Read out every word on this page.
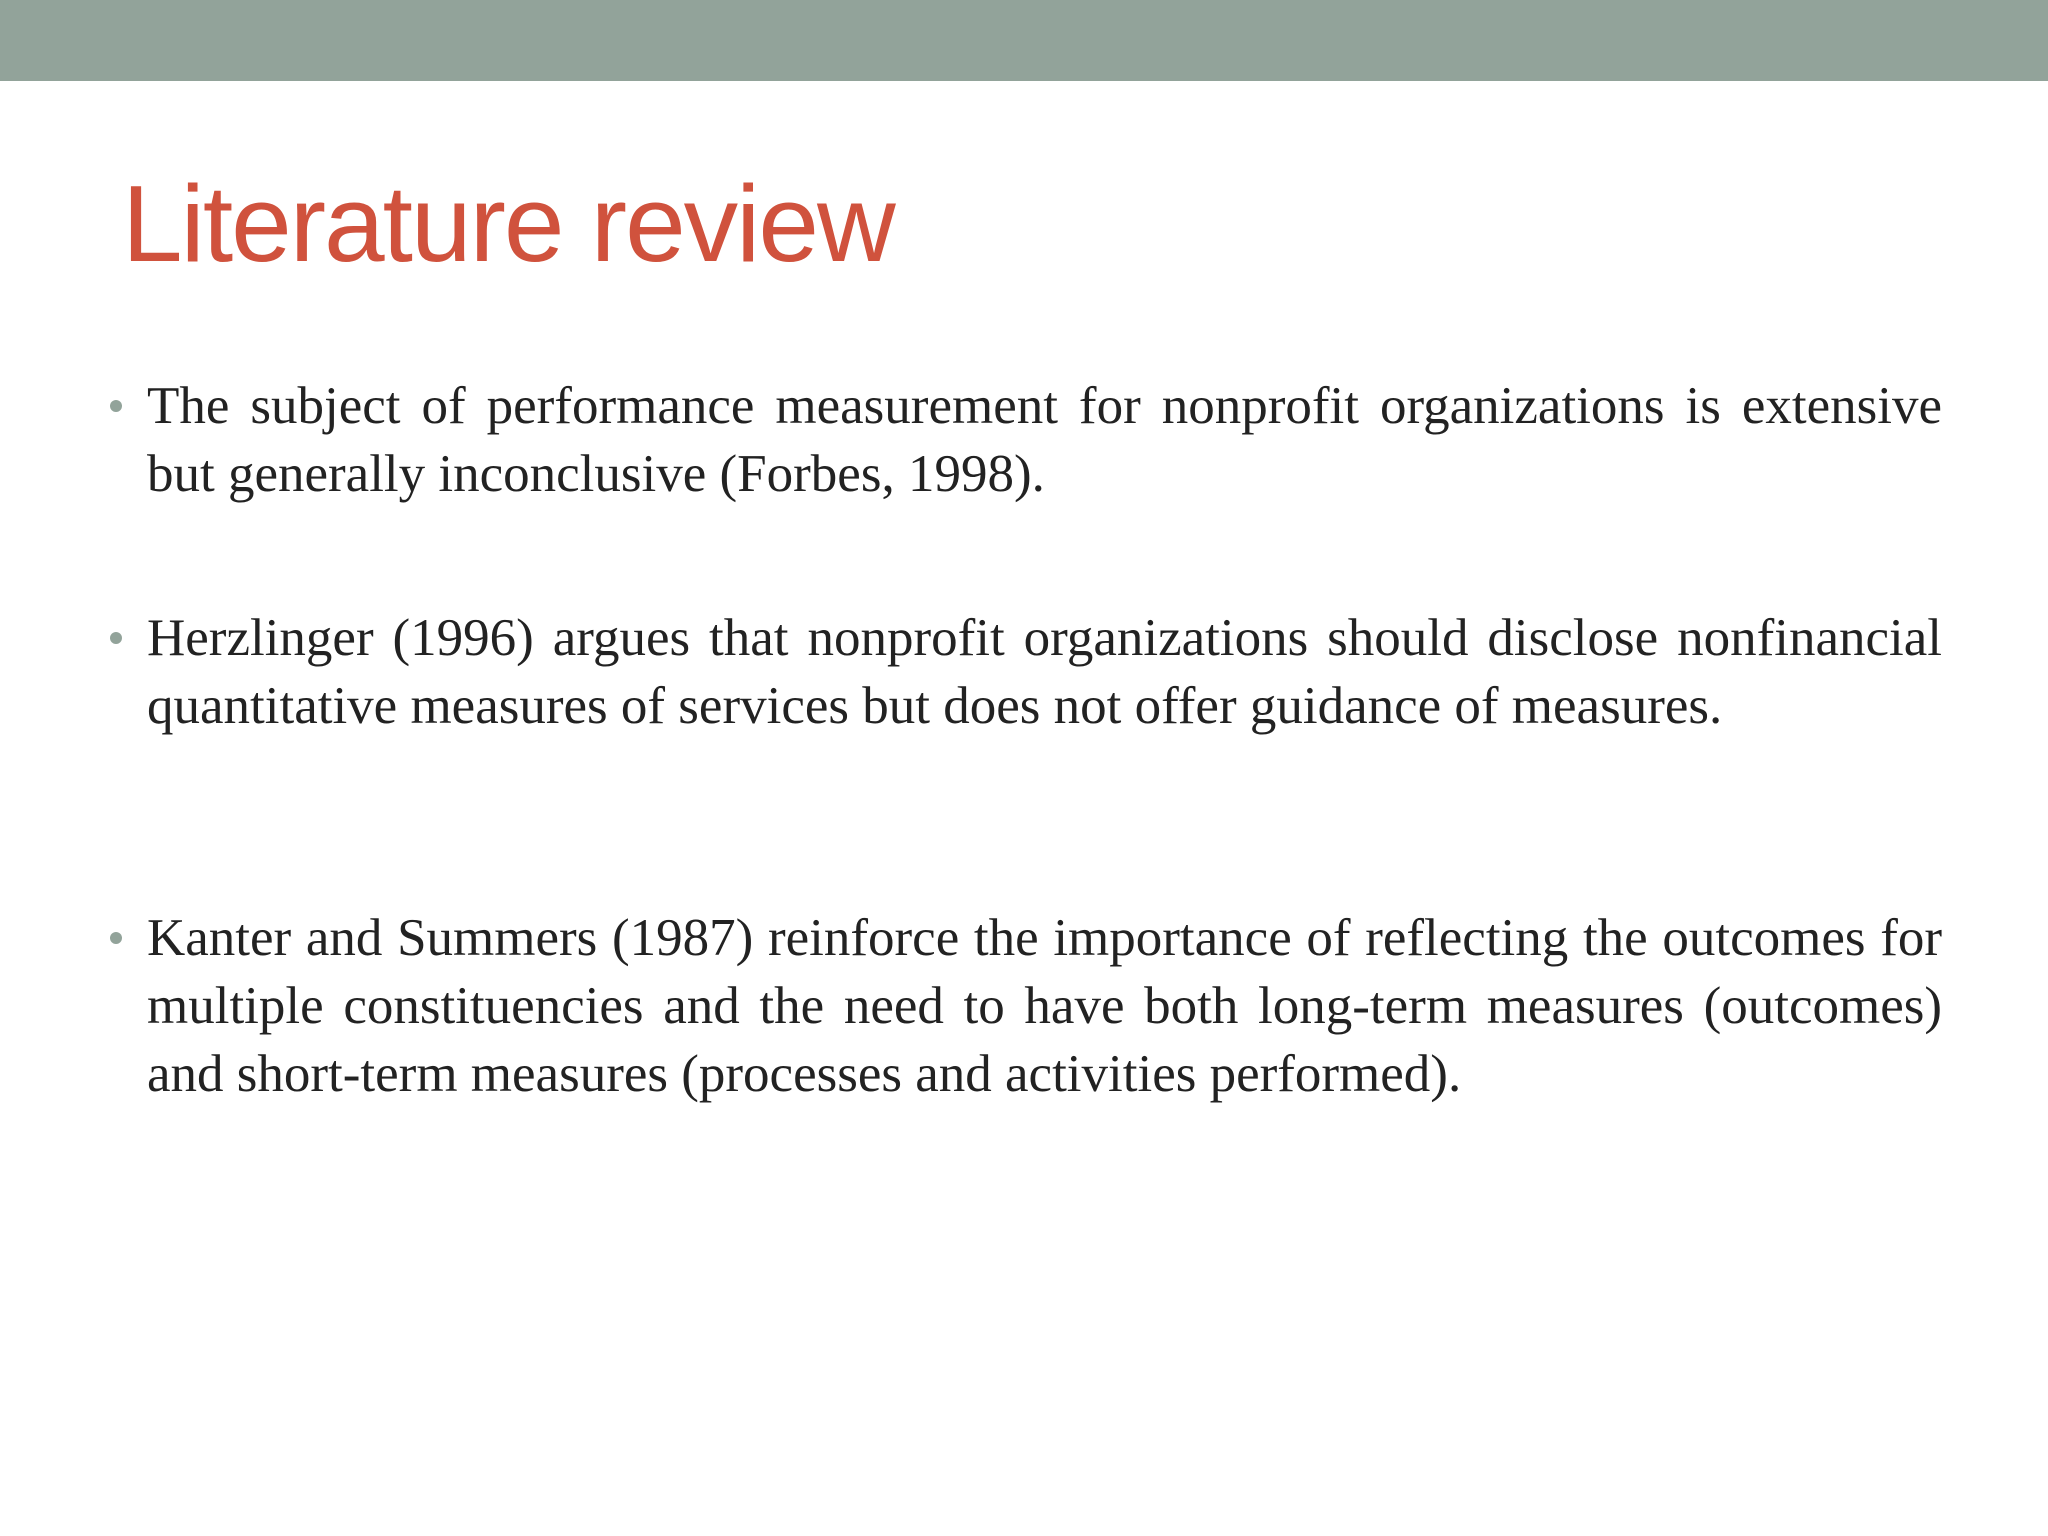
Literature review
The subject of performance measurement for nonprofit organizations is extensive but generally inconclusive (Forbes, 1998).
Herzlinger (1996) argues that nonprofit organizations should disclose nonfinancial quantitative measures of services but does not offer guidance of measures.
Kanter and Summers (1987) reinforce the importance of reflecting the outcomes for multiple constituencies and the need to have both long-term measures (outcomes) and short-term measures (processes and activities performed).
